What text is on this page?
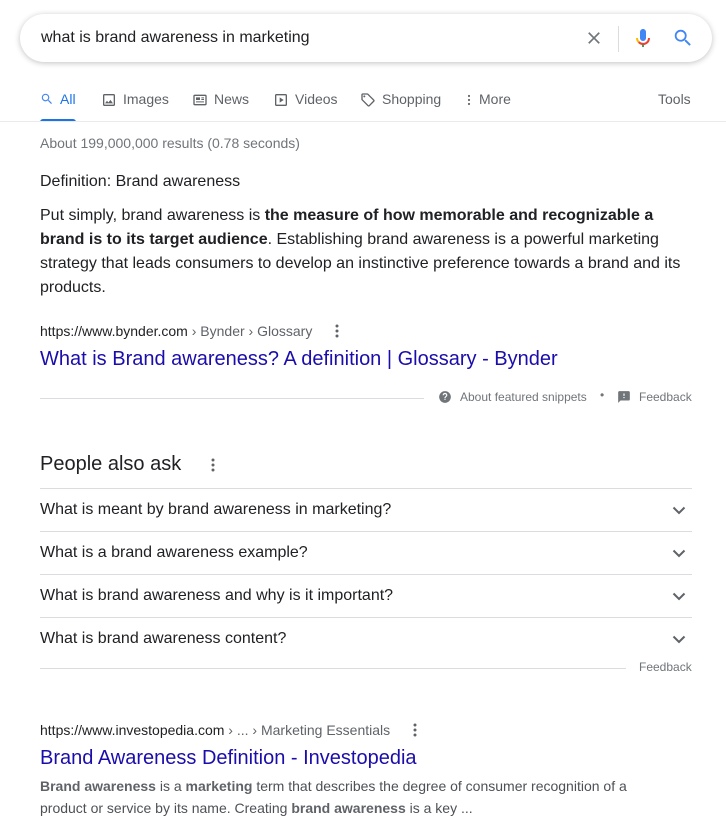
what is brand awareness in marketing
All	Images	News	Videos	Shopping	More	Tools
About 199,000,000 results (0.78 seconds)
Definition: Brand awareness
Put simply, brand awareness is the measure of how memorable and recognizable a brand is to its target audience. Establishing brand awareness is a powerful marketing strategy that leads consumers to develop an instinctive preference towards a brand and its products.
https://www.bynder.com › Bynder › Glossary
What is Brand awareness? A definition | Glossary - Bynder
About featured snippets •	Feedback
People also ask
What is meant by brand awareness in marketing?
What is a brand awareness example?
What is brand awareness and why is it important?
What is brand awareness content?
Feedback
https://www.investopedia.com › ... › Marketing Essentials
Brand Awareness Definition - Investopedia
Brand awareness is a marketing term that describes the degree of consumer recognition of a product or service by its name. Creating brand awareness is a key ...
